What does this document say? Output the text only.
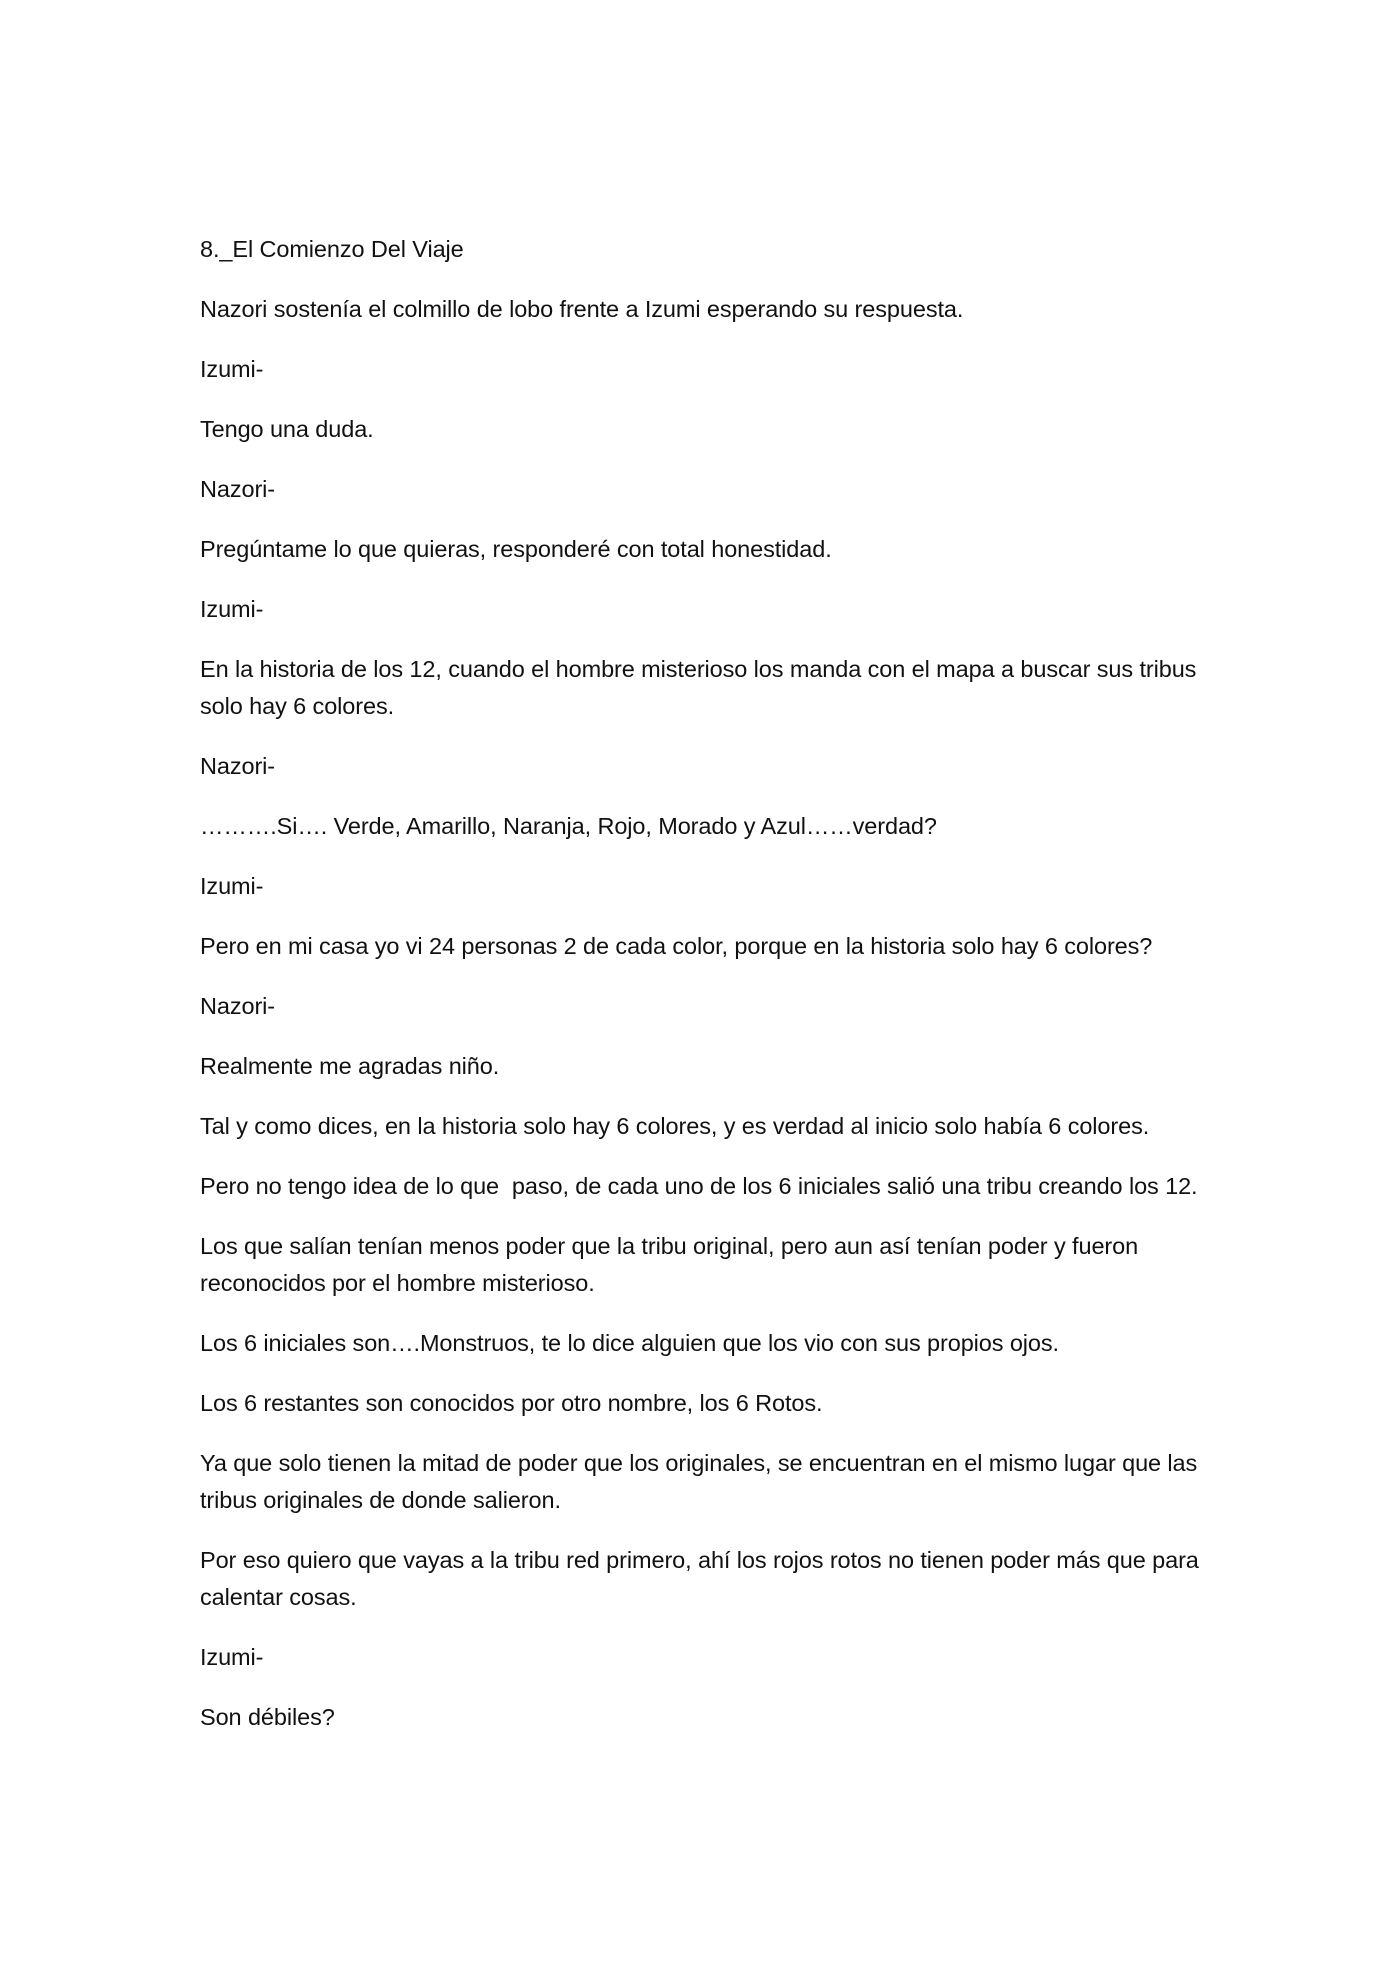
8._El Comienzo Del Viaje

Nazori sostenía el colmillo de lobo frente a Izumi esperando su respuesta.

Izumi-

Tengo una duda.

Nazori-

Pregúntame lo que quieras, responderé con total honestidad.

Izumi-

En la historia de los 12, cuando el hombre misterioso los manda con el mapa a buscar sus tribus solo hay 6 colores.

Nazori-

……….Si…. Verde, Amarillo, Naranja, Rojo, Morado y Azul……verdad?

Izumi-

Pero en mi casa yo vi 24 personas 2 de cada color, porque en la historia solo hay 6 colores?

Nazori-

Realmente me agradas niño.

Tal y como dices, en la historia solo hay 6 colores, y es verdad al inicio solo había 6 colores.

Pero no tengo idea de lo que  paso, de cada uno de los 6 iniciales salió una tribu creando los 12.

Los que salían tenían menos poder que la tribu original, pero aun así tenían poder y fueron reconocidos por el hombre misterioso.

Los 6 iniciales son….Monstruos, te lo dice alguien que los vio con sus propios ojos.

Los 6 restantes son conocidos por otro nombre, los 6 Rotos.

Ya que solo tienen la mitad de poder que los originales, se encuentran en el mismo lugar que las tribus originales de donde salieron.

Por eso quiero que vayas a la tribu red primero, ahí los rojos rotos no tienen poder más que para calentar cosas.

Izumi-

Son débiles?
